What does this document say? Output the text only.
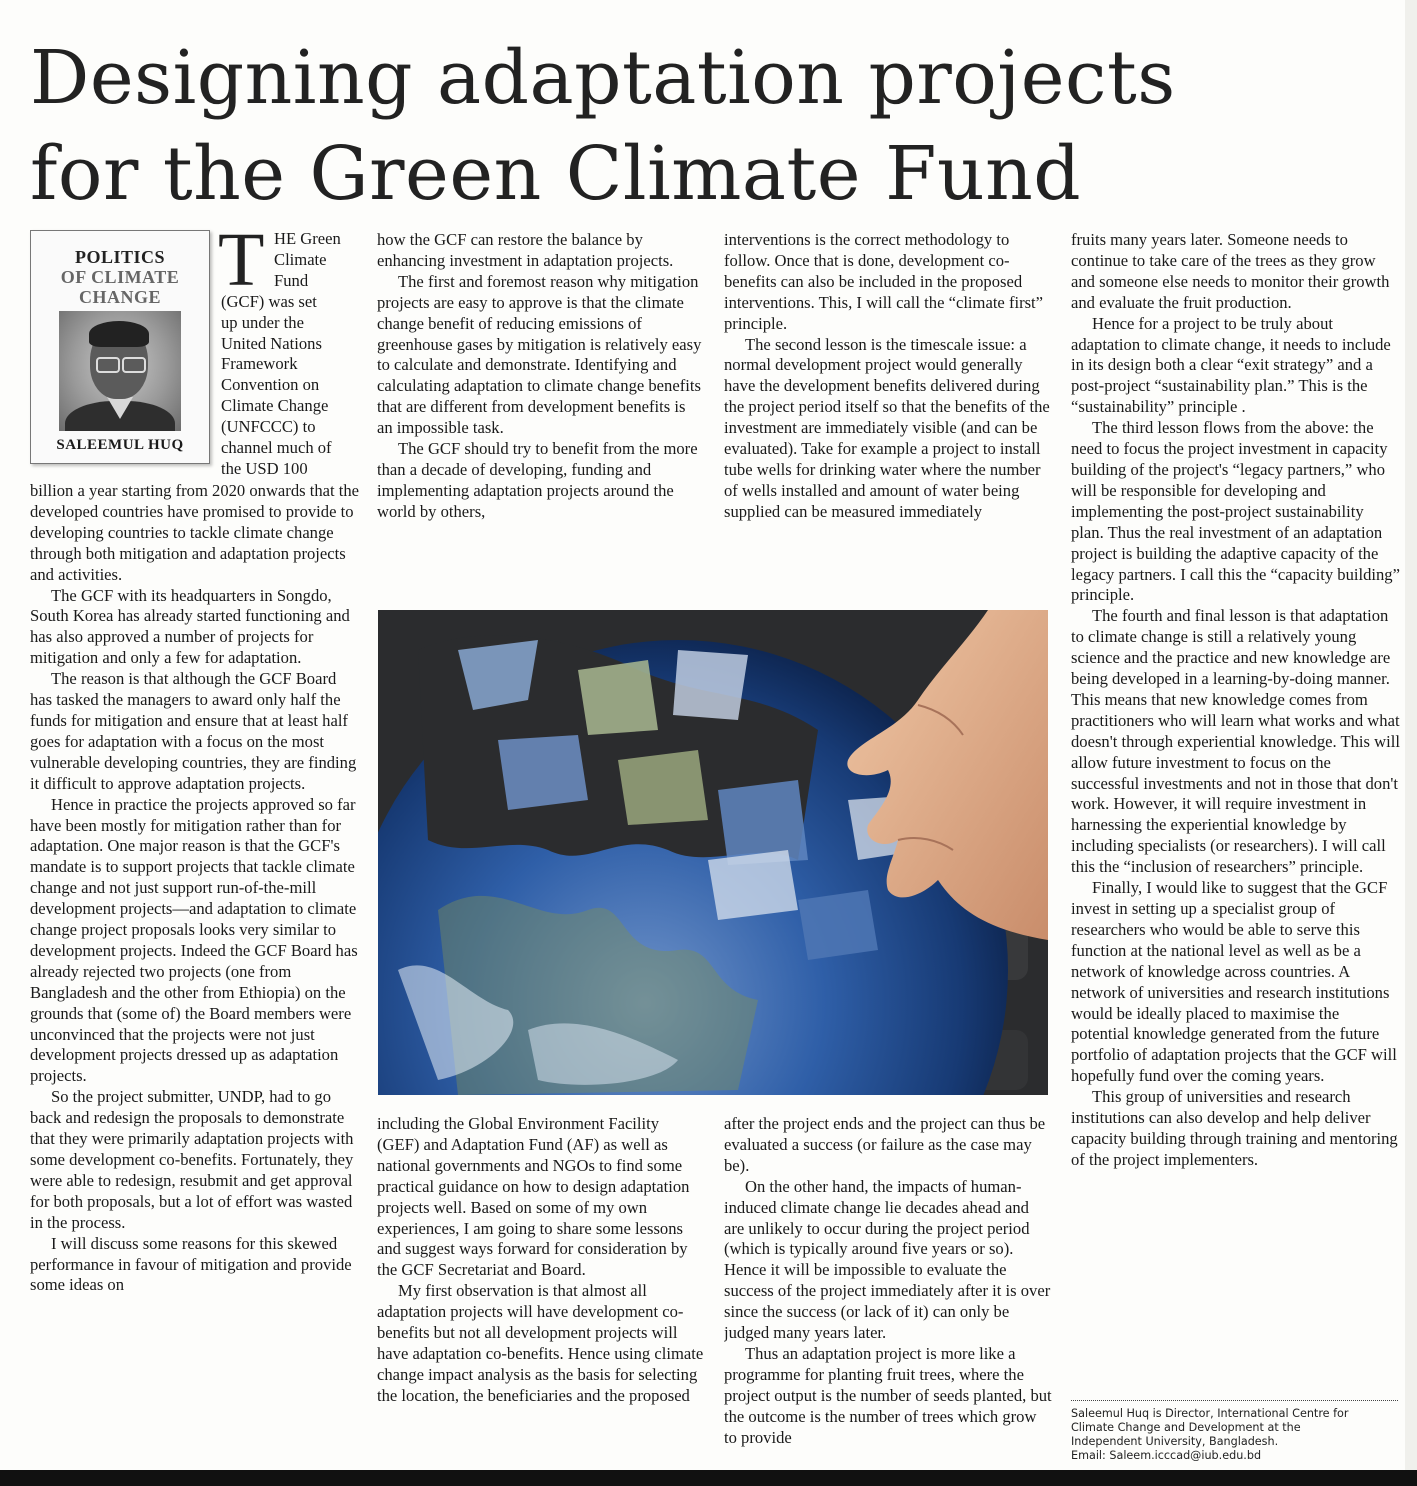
Designing adaptation projects
for the Green Climate Fund
POLITICS
OF CLIMATE
CHANGE
SALEEMUL HUQ
T HE Green
Climate
Fund
(GCF) was set
up under the
United Nations
Framework
Convention on
Climate Change
(UNFCCC) to
channel much of
the USD 100

billion a year starting from 2020 onwards that the developed countries have promised to provide to developing countries to tackle climate change through both mitigation and adaptation projects and activities.

The GCF with its headquarters in Songdo, South Korea has already started functioning and has also approved a number of projects for mitigation and only a few for adaptation.

The reason is that although the GCF Board has tasked the managers to award only half the funds for mitigation and ensure that at least half goes for adaptation with a focus on the most vulnerable developing countries, they are finding it difficult to approve adaptation projects.

Hence in practice the projects approved so far have been mostly for mitigation rather than for adaptation. One major reason is that the GCF's mandate is to support projects that tackle climate change and not just support run-of-the-mill development projects—and adaptation to climate change project proposals looks very similar to development projects. Indeed the GCF Board has already rejected two projects (one from Bangladesh and the other from Ethiopia) on the grounds that (some of) the Board members were unconvinced that the projects were not just development projects dressed up as adaptation projects.

So the project submitter, UNDP, had to go back and redesign the proposals to demonstrate that they were primarily adaptation projects with some development co-benefits. Fortunately, they were able to redesign, resubmit and get approval for both proposals, but a lot of effort was wasted in the process.

I will discuss some reasons for this skewed performance in favour of mitigation and provide some ideas on

how the GCF can restore the balance by enhancing investment in adaptation projects.

The first and foremost reason why mitigation projects are easy to approve is that the climate change benefit of reducing emissions of greenhouse gases by mitigation is relatively easy to calculate and demonstrate. Identifying and calculating adaptation to climate change benefits that are different from development benefits is an impossible task.

The GCF should try to benefit from the more than a decade of developing, funding and implementing adaptation projects around the world by others,

interventions is the correct methodology to follow. Once that is done, development co-benefits can also be included in the proposed interventions. This, I will call the “climate first” principle.

The second lesson is the timescale issue: a normal development project would generally have the development benefits delivered during the project period itself so that the benefits of the investment are immediately visible (and can be evaluated). Take for example a project to install tube wells for drinking water where the number of wells installed and amount of water being supplied can be measured immediately

including the Global Environment Facility (GEF) and Adaptation Fund (AF) as well as national governments and NGOs to find some practical guidance on how to design adaptation projects well. Based on some of my own experiences, I am going to share some lessons and suggest ways forward for consideration by the GCF Secretariat and Board.

My first observation is that almost all adaptation projects will have development co-benefits but not all development projects will have adaptation co-benefits. Hence using climate change impact analysis as the basis for selecting the location, the beneficiaries and the proposed

after the project ends and the project can thus be evaluated a success (or failure as the case may be).

On the other hand, the impacts of human-induced climate change lie decades ahead and are unlikely to occur during the project period (which is typically around five years or so). Hence it will be impossible to evaluate the success of the project immediately after it is over since the success (or lack of it) can only be judged many years later.

Thus an adaptation project is more like a programme for planting fruit trees, where the project output is the number of seeds planted, but the outcome is the number of trees which grow to provide

fruits many years later. Someone needs to continue to take care of the trees as they grow and someone else needs to monitor their growth and evaluate the fruit production.

Hence for a project to be truly about adaptation to climate change, it needs to include in its design both a clear “exit strategy” and a post-project “sustainability plan.” This is the “sustainability” principle .

The third lesson flows from the above: the need to focus the project investment in capacity building of the project's “legacy partners,” who will be responsible for developing and implementing the post-project sustainability plan. Thus the real investment of an adaptation project is building the adaptive capacity of the legacy partners. I call this the “capacity building” principle.

The fourth and final lesson is that adaptation to climate change is still a relatively young science and the practice and new knowledge are being developed in a learning-by-doing manner. This means that new knowledge comes from practitioners who will learn what works and what doesn't through experiential knowledge. This will allow future investment to focus on the successful investments and not in those that don't work. However, it will require investment in harnessing the experiential knowledge by including specialists (or researchers). I will call this the “inclusion of researchers” principle.

Finally, I would like to suggest that the GCF invest in setting up a specialist group of researchers who would be able to serve this function at the national level as well as be a network of knowledge across countries. A network of universities and research institutions would be ideally placed to maximise the potential knowledge generated from the future portfolio of adaptation projects that the GCF will hopefully fund over the coming years.

This group of universities and research institutions can also develop and help deliver capacity building through training and mentoring of the project implementers.

Saleemul Huq is Director, International Centre for
Climate Change and Development at the
Independent University, Bangladesh.
Email: Saleem.icccad@iub.edu.bd
